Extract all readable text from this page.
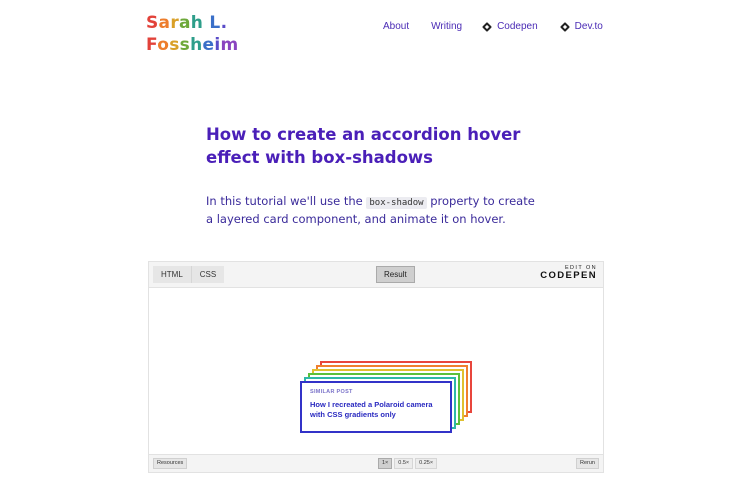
Sarah L.
Fossheim
About Writing	Codepen	Dev.to
How to create an accordion hover effect with box-shadows

In this tutorial we'll use the box-shadow property to create a layered card component, and animate it on hover.

HTML	CSS	Result
EDIT ON
CODEPEN
SIMILAR POST
How I recreated a Polaroid camera with CSS gradients only
Resources	1×	0.5×	0.25×	Rerun
